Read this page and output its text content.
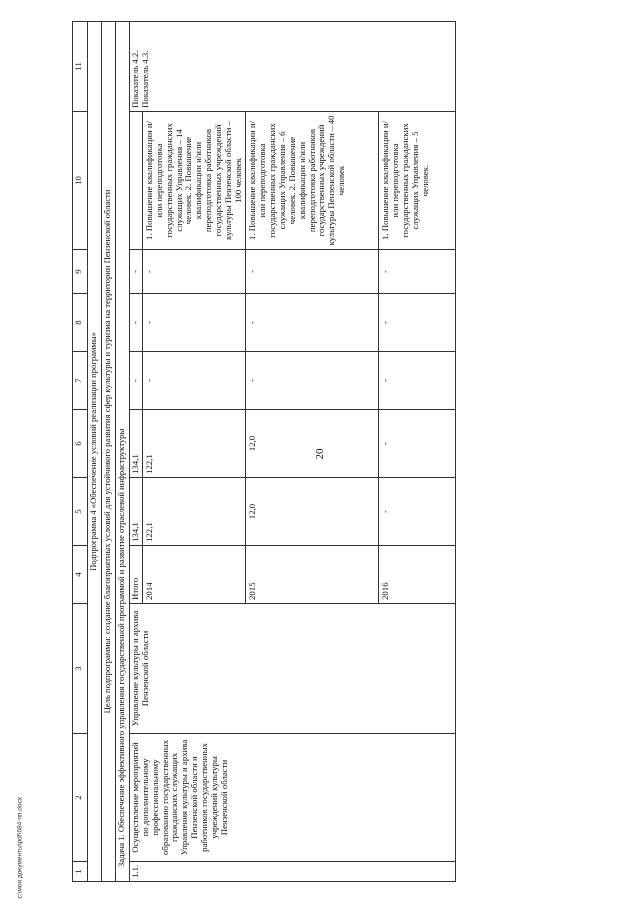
20
1	2	3	4	5	6	7	8	9	10	11
Подпрограмма 4 «Обеспечение условий реализации программы»										
Цель подпрограммы: создание благоприятных условий для устойчивого развития сфер культуры и туризма на территории Пензенской области										
Задача 1. Обеспечение эффективного управления государственной программой и развитие отраслевой инфраструктуры										
1.1.	Осуществление мероприятий по дополнительному профессиональному образованию государственных гражданских служащих Управления культуры и архива Пензенской области и работников государственных учреждений культуры Пензенской области	Управление культуры и архива Пензенской области	Итого	134,1	134,1	-	-	-		Показатель 4.2. Показатель 4.3.
			2014	122,1	122,1	-	-	-	1. Повышение квалификации и/или переподготовка государственных гражданских служащих Управления – 14 человек. 2. Повышение квалификации и/или переподготовка работников государственных учреждений культуры Пензенской области – 100 человек	
			2015	12,0	12,0	-	-	-	1. Повышение квалификации и/или переподготовка государственных гражданских служащих Управления – 6 человек. 2. Повышение квалификации и/или переподготовка работников государственных учреждений культуры Пензенской области – 40 человек	
			2016	-	-	-	-	-	1. Повышение квалификации и/или переподготовка государственных гражданских служащих Управления – 5 человек.	
c:\мои документы\pdf\684-пп.docx
